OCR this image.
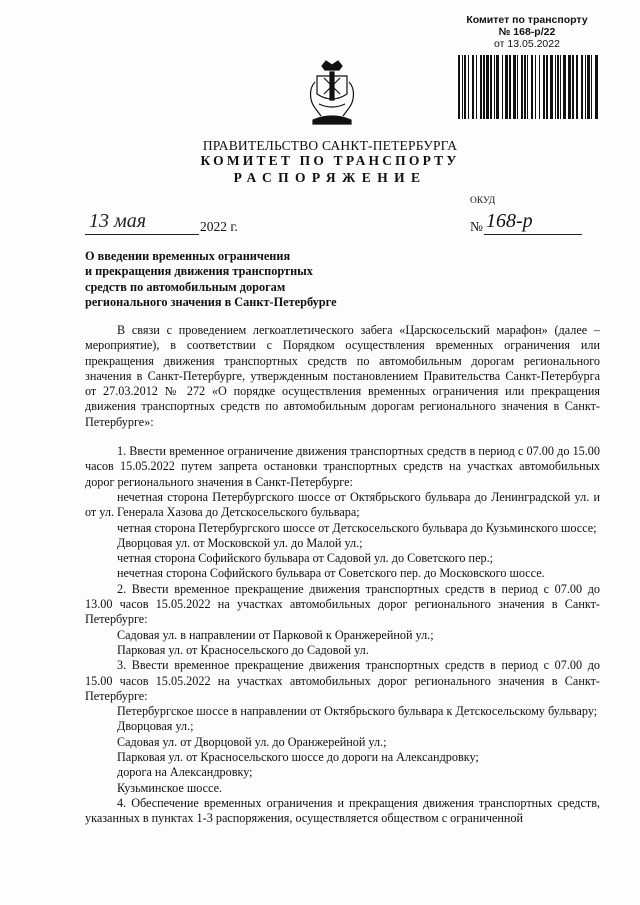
Комитет по транспорту
№ 168-р/22
от 13.05.2022
ПРАВИТЕЛЬСТВО САНКТ-ПЕТЕРБУРГА
КОМИТЕТ ПО ТРАНСПОРТУ
РАСПОРЯЖЕНИЕ
ОКУД
13 мая	2022 г.	№ 168-р
О введении временных ограничения
и прекращения движения транспортных
средств по автомобильным дорогам
регионального значения в Санкт-Петербурге

В связи с проведением легкоатлетического забега «Царскосельский марафон» (далее – мероприятие), в соответствии с Порядком осуществления временных ограничения или прекращения движения транспортных средств по автомобильным дорогам регионального значения в Санкт-Петербурге, утвержденным постановлением Правительства Санкт-Петербурга от 27.03.2012 № 272 «О порядке осуществления временных ограничения или прекращения движения транспортных средств по автомобильным дорогам регионального значения в Санкт-Петербурге»:

1. Ввести временное ограничение движения транспортных средств в период с 07.00 до 15.00 часов 15.05.2022 путем запрета остановки транспортных средств на участках автомобильных дорог регионального значения в Санкт-Петербурге:

нечетная сторона Петербургского шоссе от Октябрьского бульвара до Ленинградской ул. и от ул. Генерала Хазова до Детскосельского бульвара;

четная сторона Петербургского шоссе от Детскосельского бульвара до Кузьминского шоссе;

Дворцовая ул. от Московской ул. до Малой ул.;

четная сторона Софийского бульвара от Садовой ул. до Советского пер.;

нечетная сторона Софийского бульвара от Советского пер. до Московского шоссе.

2. Ввести временное прекращение движения транспортных средств в период с 07.00 до 13.00 часов 15.05.2022 на участках автомобильных дорог регионального значения в Санкт-Петербурге:

Садовая ул. в направлении от Парковой к Оранжерейной ул.;

Парковая ул. от Красносельского до Садовой ул.

3. Ввести временное прекращение движения транспортных средств в период с 07.00 до 15.00 часов 15.05.2022 на участках автомобильных дорог регионального значения в Санкт-Петербурге:

Петербургское шоссе в направлении от Октябрьского бульвара к Детскосельскому бульвару;

Дворцовая ул.;

Садовая ул. от Дворцовой ул. до Оранжерейной ул.;

Парковая ул. от Красносельского шоссе до дороги на Александровку;

дорога на Александровку;

Кузьминское шоссе.

4. Обеспечение временных ограничения и прекращения движения транспортных средств, указанных в пунктах 1-3 распоряжения, осуществляется обществом с ограниченной
